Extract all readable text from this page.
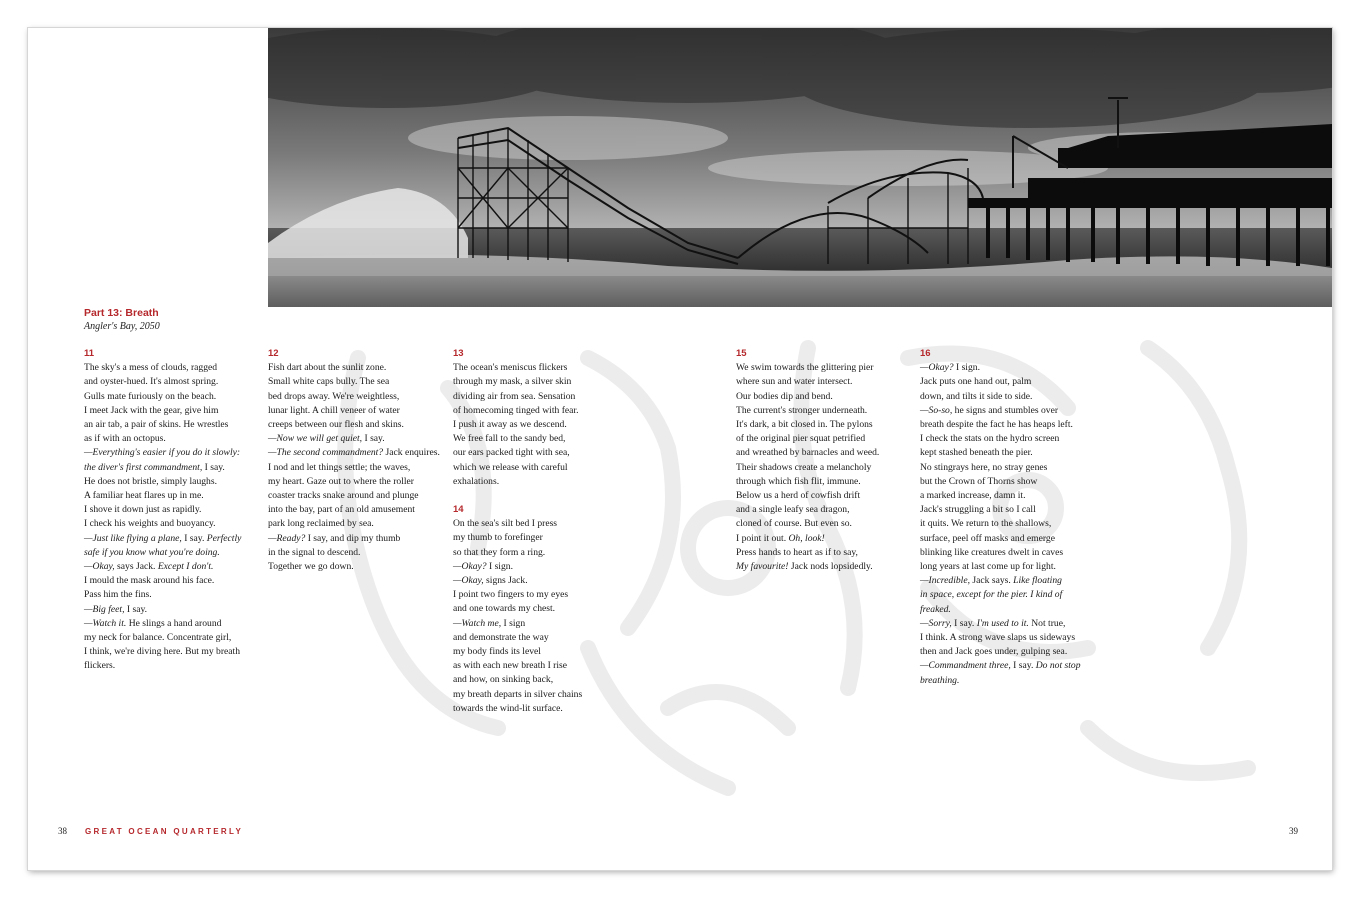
Part 13: Breath
Angler's Bay, 2050
11
The sky's a mess of clouds, ragged
and oyster-hued. It's almost spring.
Gulls mate furiously on the beach.
I meet Jack with the gear, give him
an air tab, a pair of skins. He wrestles
as if with an octopus.
—Everything's easier if you do it slowly:
the diver's first commandment, I say.
He does not bristle, simply laughs.
A familiar heat flares up in me.
I shove it down just as rapidly.
I check his weights and buoyancy.
—Just like flying a plane, I say. Perfectly
safe if you know what you're doing.
—Okay, says Jack. Except I don't.
I mould the mask around his face.
Pass him the fins.
—Big feet, I say.
—Watch it. He slings a hand around
my neck for balance. Concentrate girl,
I think, we're diving here. But my breath
flickers.
12
Fish dart about the sunlit zone.
Small white caps bully. The sea
bed drops away. We're weightless,
lunar light. A chill veneer of water
creeps between our flesh and skins.
—Now we will get quiet, I say.
—The second commandment? Jack enquires.
I nod and let things settle; the waves,
my heart. Gaze out to where the roller
coaster tracks snake around and plunge
into the bay, part of an old amusement
park long reclaimed by sea.
—Ready? I say, and dip my thumb
in the signal to descend.
Together we go down.
13
The ocean's meniscus flickers
through my mask, a silver skin
dividing air from sea. Sensation
of homecoming tinged with fear.
I push it away as we descend.
We free fall to the sandy bed,
our ears packed tight with sea,
which we release with careful
exhalations.
14
On the sea's silt bed I press
my thumb to forefinger
so that they form a ring.
—Okay? I sign.
—Okay, signs Jack.
I point two fingers to my eyes
and one towards my chest.
—Watch me, I sign
and demonstrate the way
my body finds its level
as with each new breath I rise
and how, on sinking back,
my breath departs in silver chains
towards the wind-lit surface.
15
We swim towards the glittering pier
where sun and water intersect.
Our bodies dip and bend.
The current's stronger underneath.
It's dark, a bit closed in. The pylons
of the original pier squat petrified
and wreathed by barnacles and weed.
Their shadows create a melancholy
through which fish flit, immune.
Below us a herd of cowfish drift
and a single leafy sea dragon,
cloned of course. But even so.
I point it out. Oh, look!
Press hands to heart as if to say,
My favourite! Jack nods lopsidedly.
16
—Okay? I sign.
Jack puts one hand out, palm
down, and tilts it side to side.
—So-so, he signs and stumbles over
breath despite the fact he has heaps left.
I check the stats on the hydro screen
kept stashed beneath the pier.
No stingrays here, no stray genes
but the Crown of Thorns show
a marked increase, damn it.
Jack's struggling a bit so I call
it quits. We return to the shallows,
surface, peel off masks and emerge
blinking like creatures dwelt in caves
long years at last come up for light.
—Incredible, Jack says. Like floating
in space, except for the pier. I kind of
freaked.
—Sorry, I say. I'm used to it. Not true,
I think. A strong wave slaps us sideways
then and Jack goes under, gulping sea.
—Commandment three, I say. Do not stop
breathing.
38 GREAT OCEAN QUARTERLY	39
